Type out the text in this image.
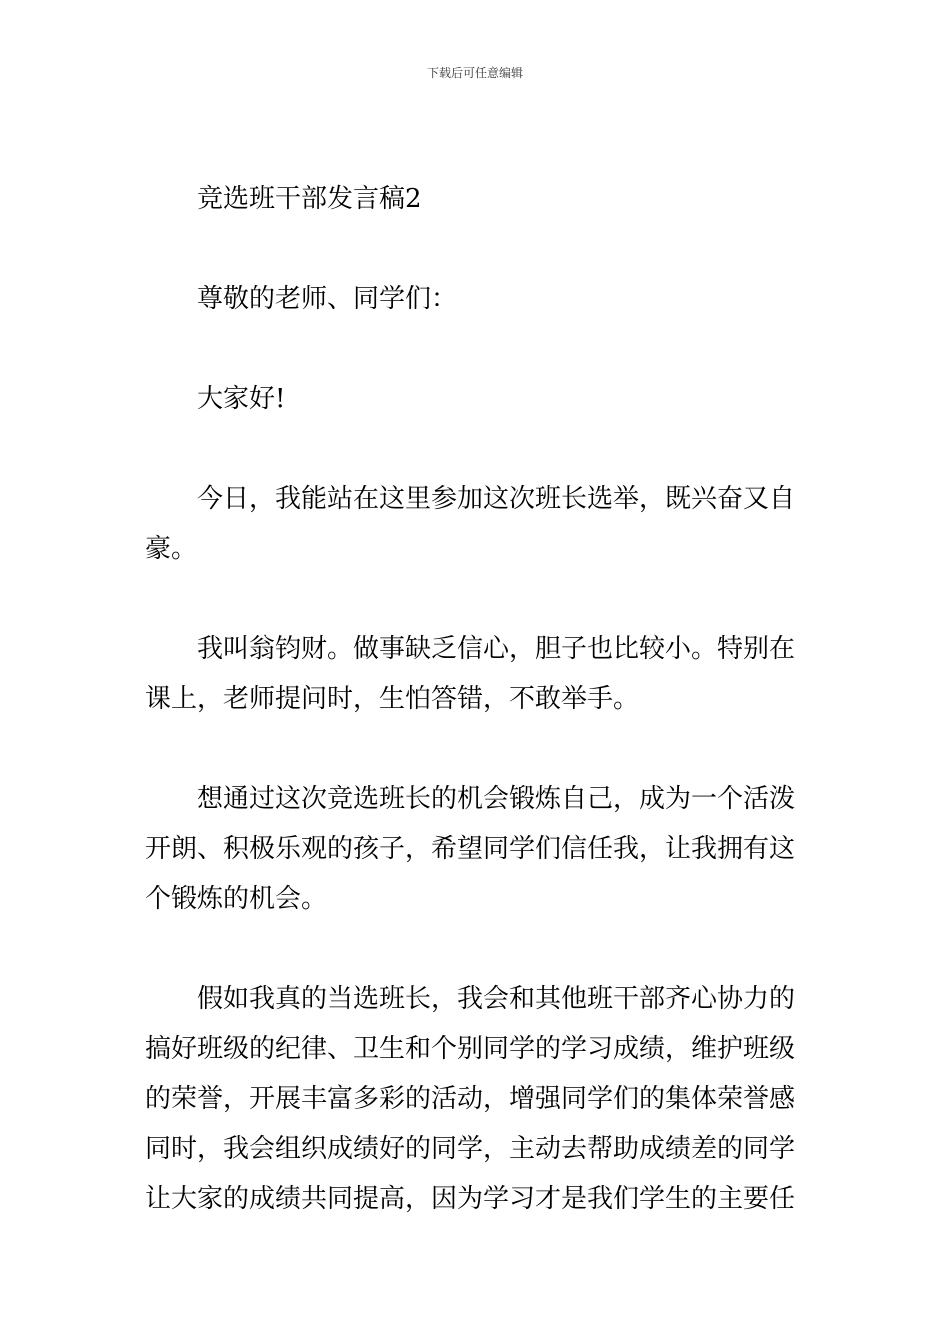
下载后可任意编辑

竞选班干部发言稿2

尊敬的老师、同学们：

大家好!

今日，我能站在这里参加这次班长选举，既兴奋又自
豪。

我叫翁钧财。做事缺乏信心，胆子也比较小。特别在
课上，老师提问时，生怕答错，不敢举手。

想通过这次竞选班长的机会锻炼自己，成为一个活泼
开朗、积极乐观的孩子，希望同学们信任我，让我拥有这
个锻炼的机会。

假如我真的当选班长，我会和其他班干部齐心协力的
搞好班级的纪律、卫生和个别同学的学习成绩，维护班级
的荣誉，开展丰富多彩的活动，增强同学们的集体荣誉感
同时，我会组织成绩好的同学，主动去帮助成绩差的同学
让大家的成绩共同提高，因为学习才是我们学生的主要任
